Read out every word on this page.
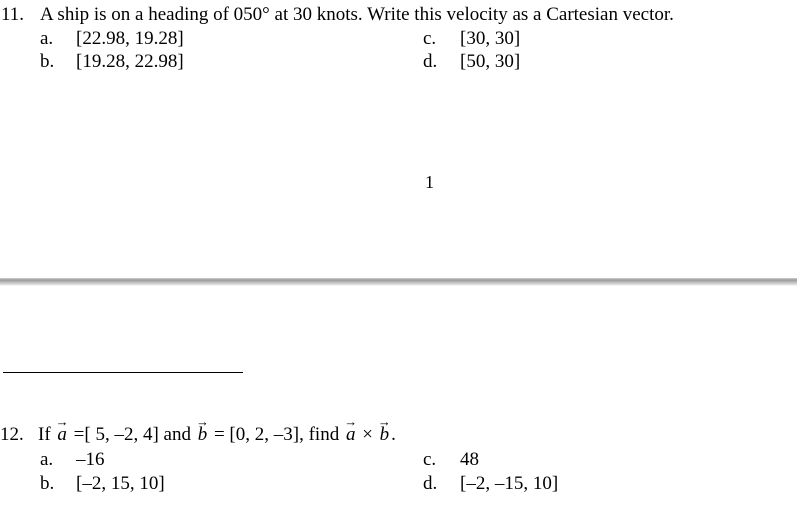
11. A ship is on a heading of 050° at 30 knots. Write this velocity as a Cartesian vector.
a. [22.98, 19.28]	c. [30, 30]
b. [19.28, 22.98]	d. [50, 30]
1
12. If
→
a =[ 5, –2, 4] and
→
b = [0, 2, –3], find
→
a ×
→
b .
a. –16	c. 48
b. [–2, 15, 10]	d. [–2, –15, 10]
